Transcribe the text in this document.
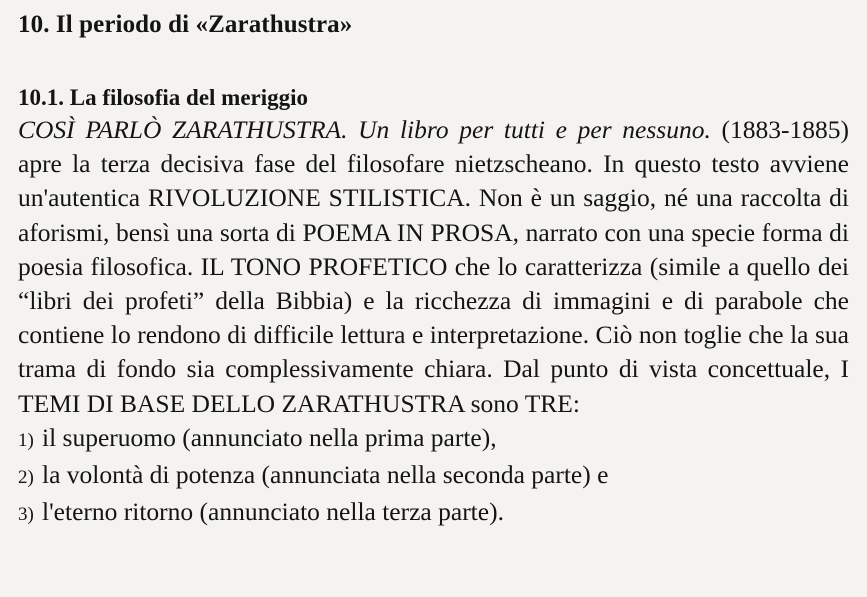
10. Il periodo di «Zarathustra»
10.1. La filosofia del meriggio

COSÌ PARLÒ ZARATHUSTRA. Un libro per tutti e per nessuno. (1883-1885) apre la terza decisiva fase del filosofare nietzscheano. In questo testo avviene un'autentica RIVOLUZIONE STILISTICA. Non è un saggio, né una raccolta di aforismi, bensì una sorta di POEMA IN PROSA, narrato con una specie forma di poesia filosofica. IL TONO PROFETICO che lo caratterizza (simile a quello dei “libri dei profeti” della Bibbia) e la ricchezza di immagini e di parabole che contiene lo rendono di difficile lettura e interpretazione. Ciò non toglie che la sua trama di fondo sia complessivamente chiara. Dal punto di vista concettuale, I TEMI DI BASE DELLO ZARATHUSTRA sono TRE:

1) il superuomo (annunciato nella prima parte),
2) la volontà di potenza (annunciata nella seconda parte) e
3) l'eterno ritorno (annunciato nella terza parte).
